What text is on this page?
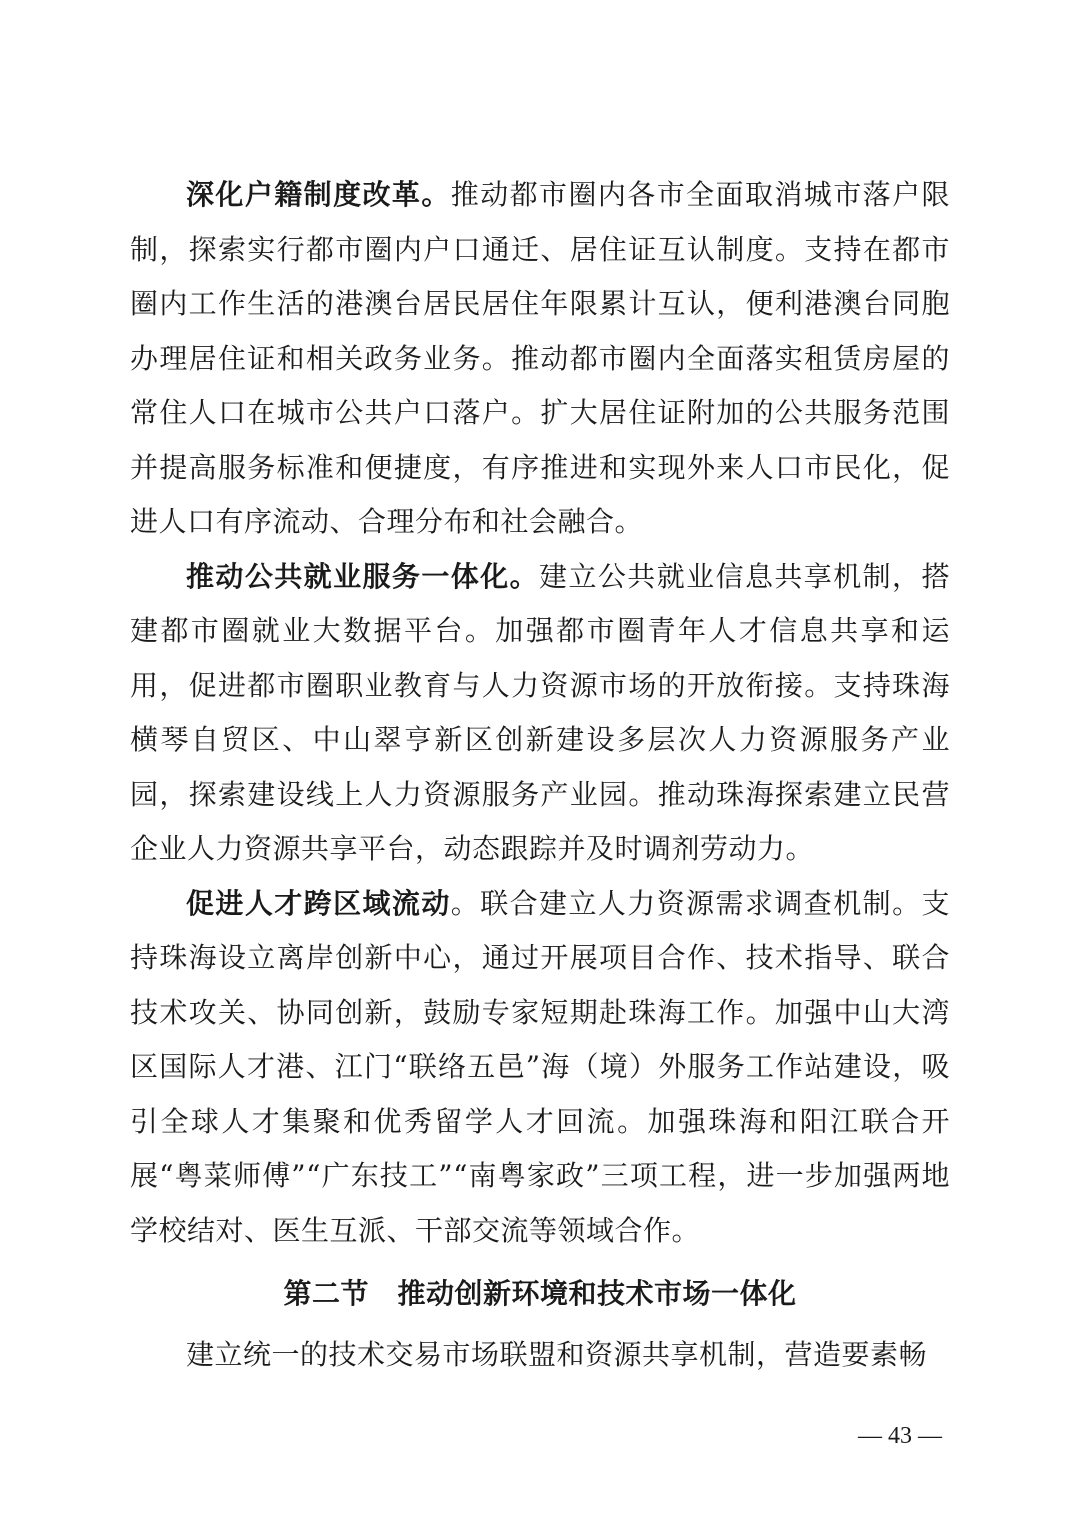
深化户籍制度改革。推动都市圈内各市全面取消城市落户限制，探索实行都市圈内户口通迁、居住证互认制度。支持在都市圈内工作生活的港澳台居民居住年限累计互认，便利港澳台同胞办理居住证和相关政务业务。推动都市圈内全面落实租赁房屋的常住人口在城市公共户口落户。扩大居住证附加的公共服务范围并提高服务标准和便捷度，有序推进和实现外来人口市民化，促进人口有序流动、合理分布和社会融合。

推动公共就业服务一体化。建立公共就业信息共享机制，搭建都市圈就业大数据平台。加强都市圈青年人才信息共享和运用，促进都市圈职业教育与人力资源市场的开放衔接。支持珠海横琴自贸区、中山翠亨新区创新建设多层次人力资源服务产业园，探索建设线上人力资源服务产业园。推动珠海探索建立民营企业人力资源共享平台，动态跟踪并及时调剂劳动力。

促进人才跨区域流动。联合建立人力资源需求调查机制。支持珠海设立离岸创新中心，通过开展项目合作、技术指导、联合技术攻关、协同创新，鼓励专家短期赴珠海工作。加强中山大湾区国际人才港、江门“联络五邑”海（境）外服务工作站建设，吸引全球人才集聚和优秀留学人才回流。加强珠海和阳江联合开展“粤菜师傅”“广东技工”“南粤家政”三项工程，进一步加强两地学校结对、医生互派、干部交流等领域合作。

第二节　推动创新环境和技术市场一体化

建立统一的技术交易市场联盟和资源共享机制，营造要素畅

— 43 —
